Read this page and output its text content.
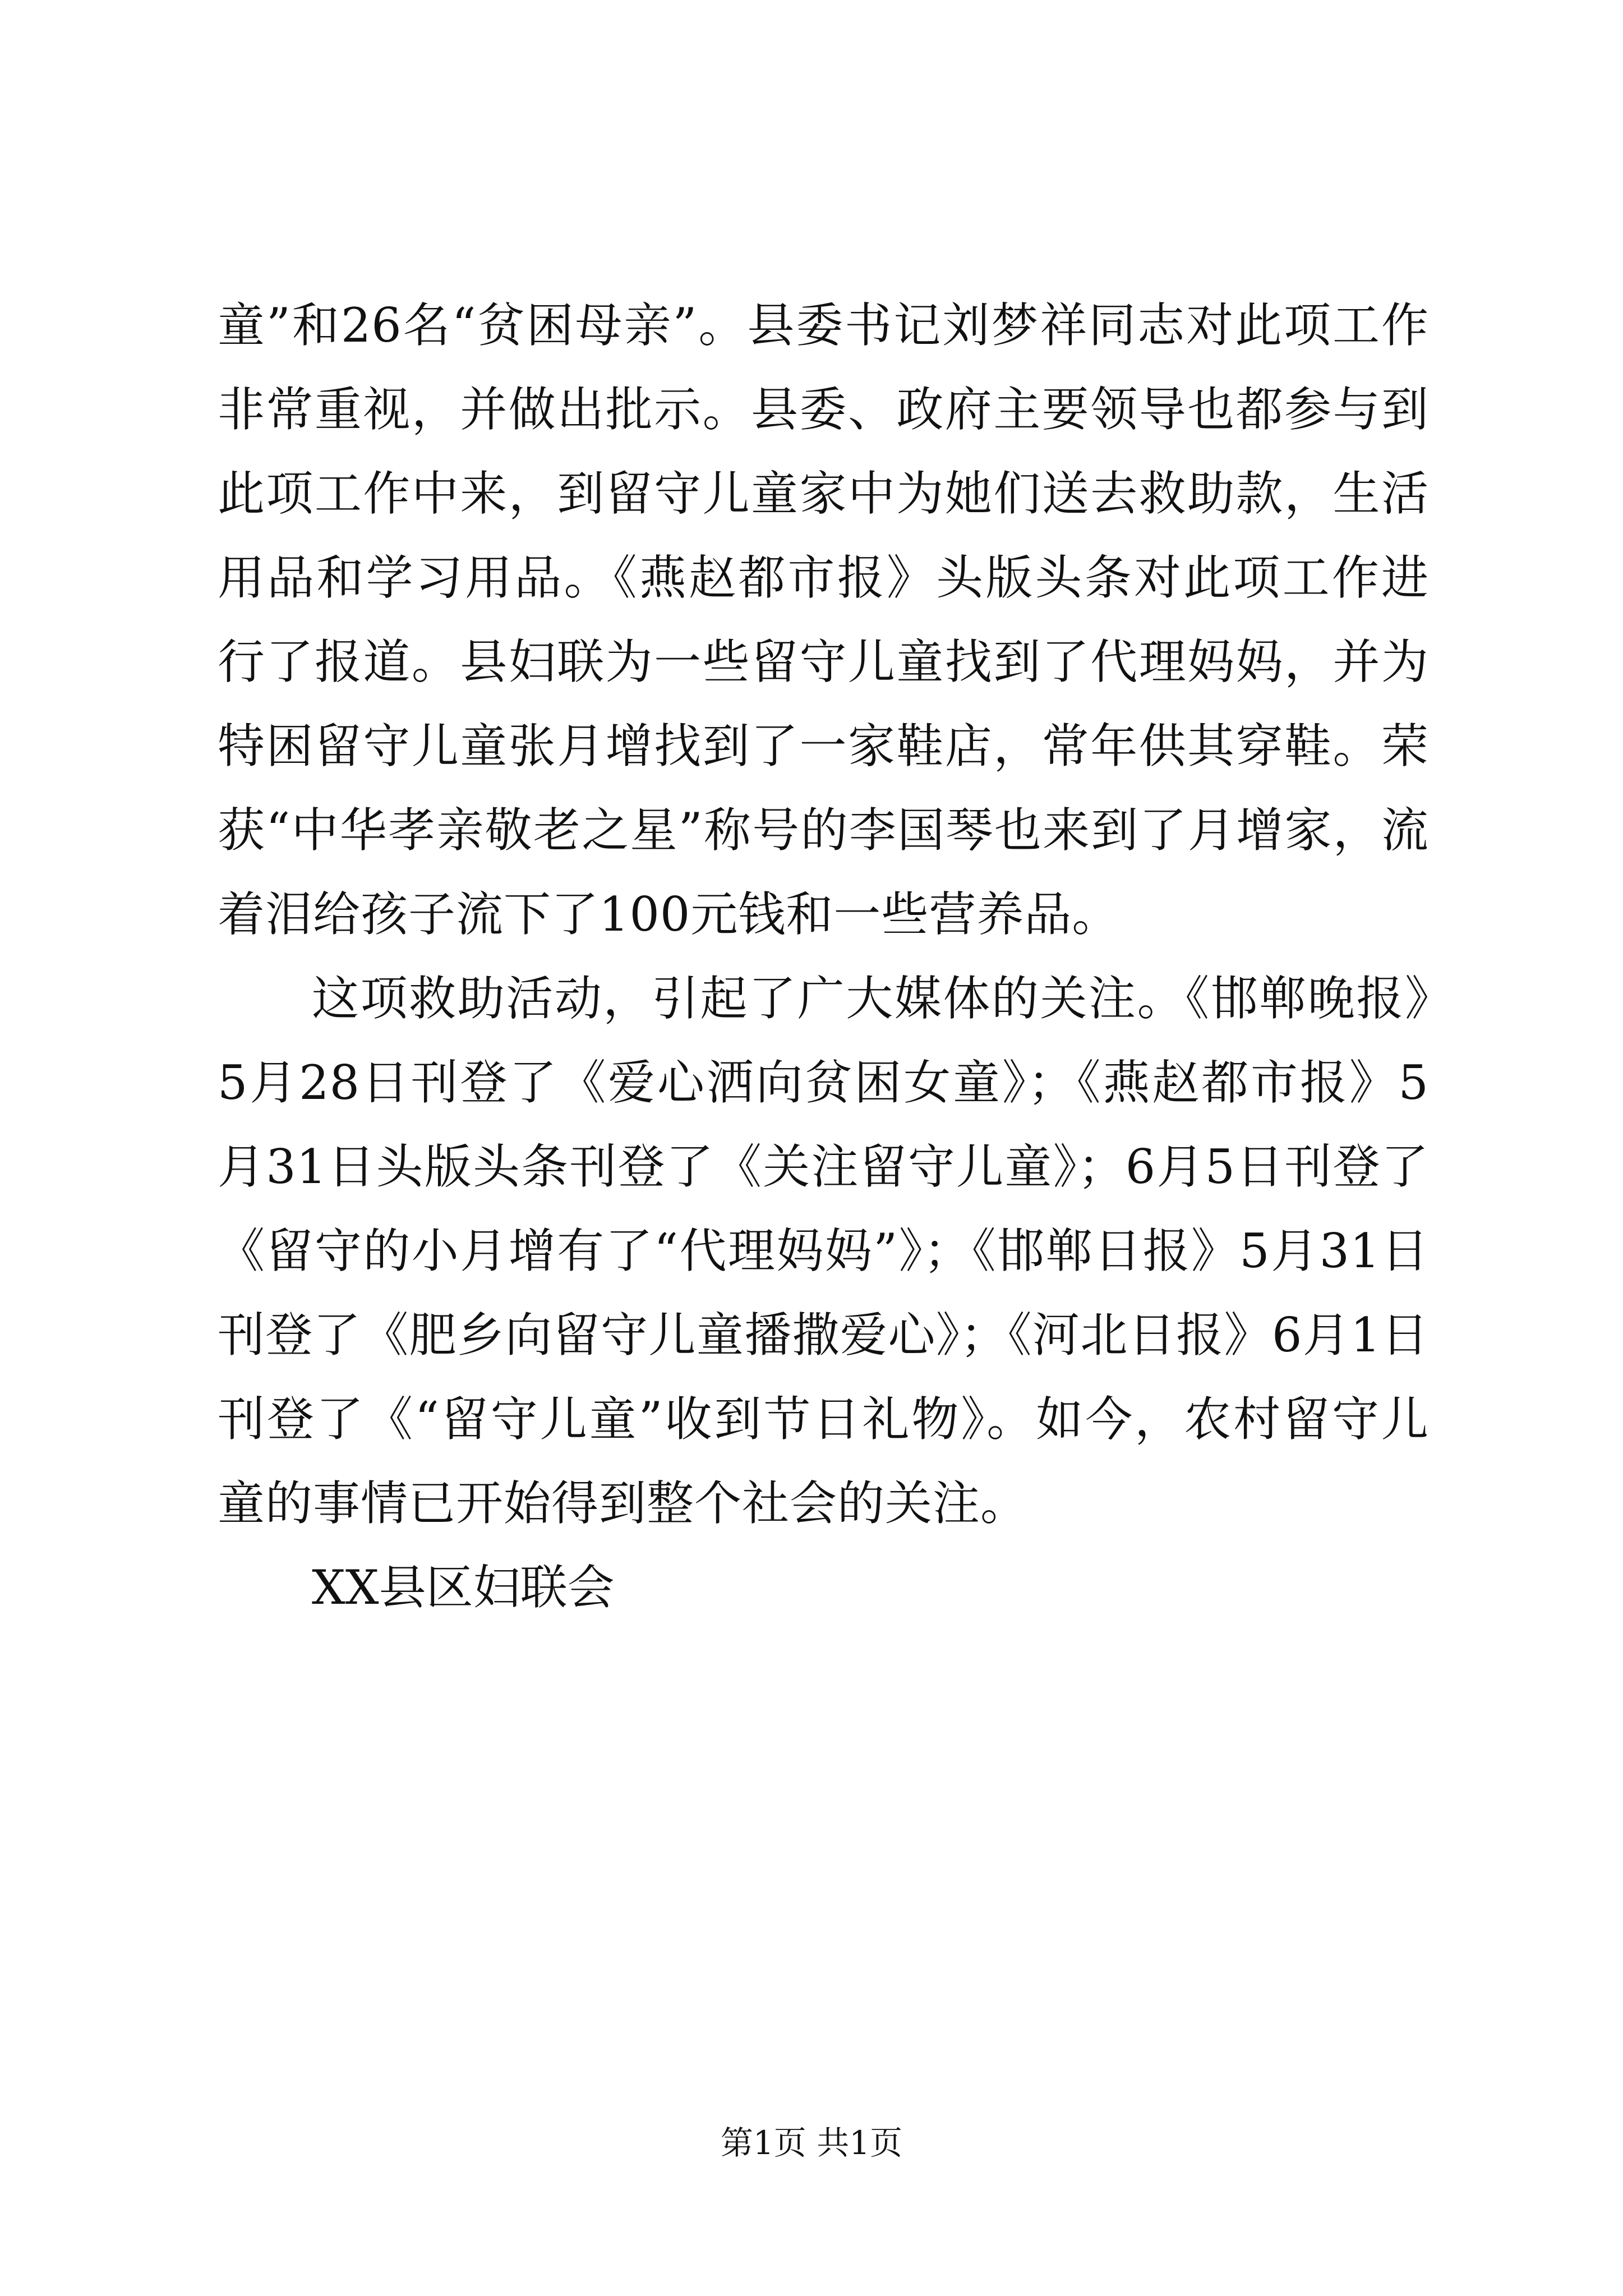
童”和26名“贫困母亲”。县委书记刘梦祥同志对此项工作非常重视，并做出批示。县委、政府主要领导也都参与到此项工作中来，到留守儿童家中为她们送去救助款，生活用品和学习用品。《燕赵都市报》头版头条对此项工作进行了报道。县妇联为一些留守儿童找到了代理妈妈，并为特困留守儿童张月增找到了一家鞋店，常年供其穿鞋。荣获“中华孝亲敬老之星”称号的李国琴也来到了月增家，流着泪给孩子流下了100元钱和一些营养品。

这项救助活动，引起了广大媒体的关注。《邯郸晚报》5月28日刊登了《爱心洒向贫困女童》；《燕赵都市报》5月31日头版头条刊登了《关注留守儿童》；6月5日刊登了《留守的小月增有了“代理妈妈”》；《邯郸日报》5月31日刊登了《肥乡向留守儿童播撒爱心》；《河北日报》6月1日刊登了《“留守儿童”收到节日礼物》。如今，农村留守儿童的事情已开始得到整个社会的关注。

XX县区妇联会

第1页 共1页
